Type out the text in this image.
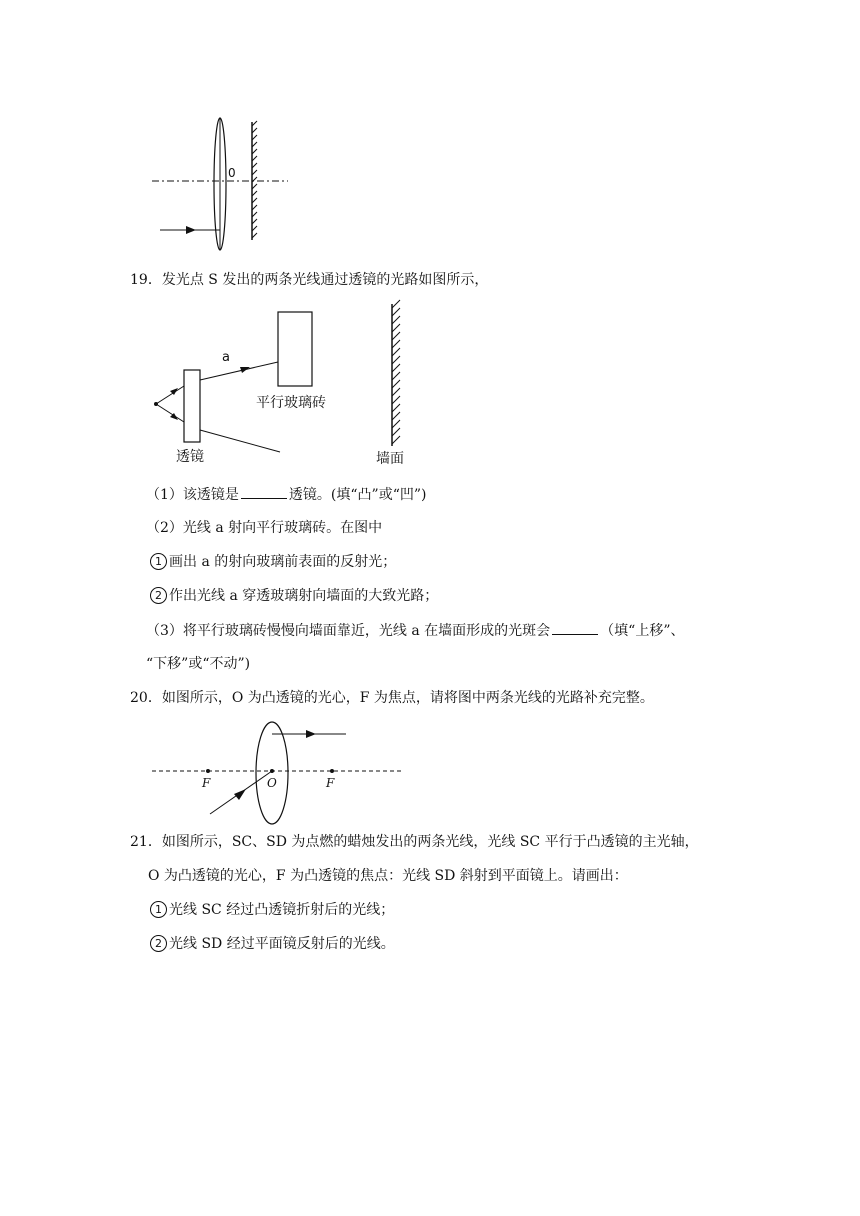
0
19．发光点 S 发出的两条光线通过透镜的光路如图所示，
a
平行玻璃砖
透镜	墙面
（1）该透镜是	透镜。(填“凸”或“凹”)
（2）光线 a 射向平行玻璃砖。在图中
1 画出 a 的射向玻璃前表面的反射光；
2 作出光线 a 穿透玻璃射向墙面的大致光路；
（3）将平行玻璃砖慢慢向墙面靠近，光线 a 在墙面形成的光斑会	（填“上移”、
“下移”或“不动”)
20．如图所示，O 为凸透镜的光心，F 为焦点，请将图中两条光线的光路补充完整。
F	O	F
21．如图所示，SC、SD 为点燃的蜡烛发出的两条光线，光线 SC 平行于凸透镜的主光轴，
O 为凸透镜的光心，F 为凸透镜的焦点：光线 SD 斜射到平面镜上。请画出：
1 光线 SC 经过凸透镜折射后的光线；
2 光线 SD 经过平面镜反射后的光线。
